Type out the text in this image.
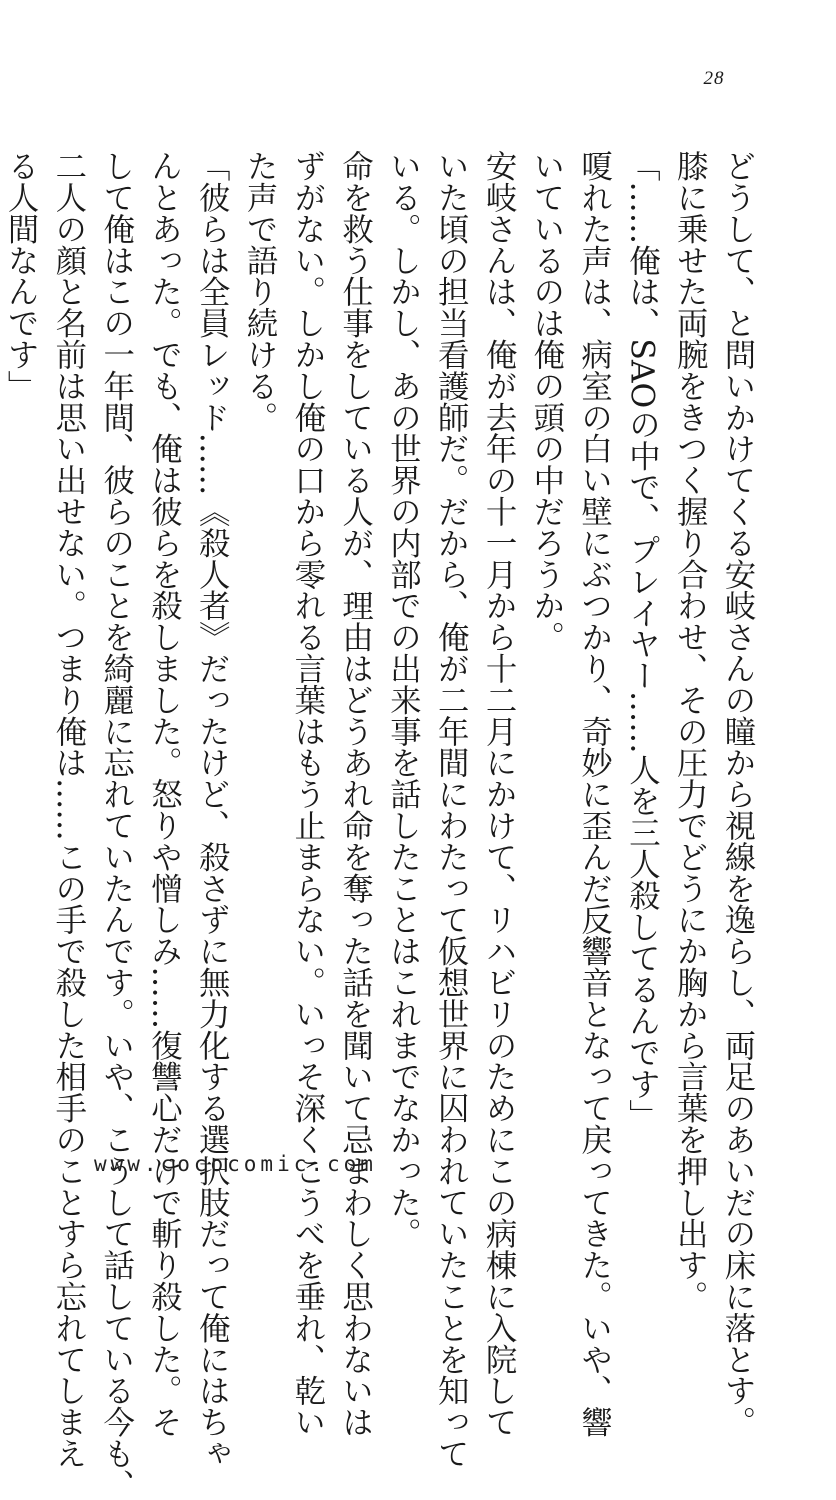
28

どうして、と問いかけてくる安岐さんの瞳から視線を逸らし、両足のあいだの床に落とす。

膝に乗せた両腕をきつく握り合わせ、その圧力でどうにか胸から言葉を押し出す。

「……俺は、SAOの中で、プレイヤー……人を三人殺してるんです」

嗄れた声は、病室の白い壁にぶつかり、奇妙に歪んだ反響音となって戻ってきた。いや、響

いているのは俺の頭の中だろうか。

安岐さんは、俺が去年の十一月から十二月にかけて、リハビリのためにこの病棟に入院して

いた頃の担当看護師だ。だから、俺が二年間にわたって仮想世界に囚われていたことを知って

いる。しかし、あの世界の内部での出来事を話したことはこれまでなかった。

命を救う仕事をしている人が、理由はどうあれ命を奪った話を聞いて忌まわしく思わないは

ずがない。しかし俺の口から零れる言葉はもう止まらない。いっそ深くこうべを垂れ、乾い

た声で語り続ける。

「彼らは全員レッド……《殺人者》だったけど、殺さずに無力化する選択肢だって俺にはちゃ

んとあった。でも、俺は彼らを殺しました。怒りや憎しみ……復讐心だけで斬り殺した。そ

して俺はこの一年間、彼らのことを綺麗に忘れていたんです。いや、こうして話している今も、

二人の顔と名前は思い出せない。つまり俺は……この手で殺した相手のことすら忘れてしまえ

る人間なんです」

www.cococomic.com
